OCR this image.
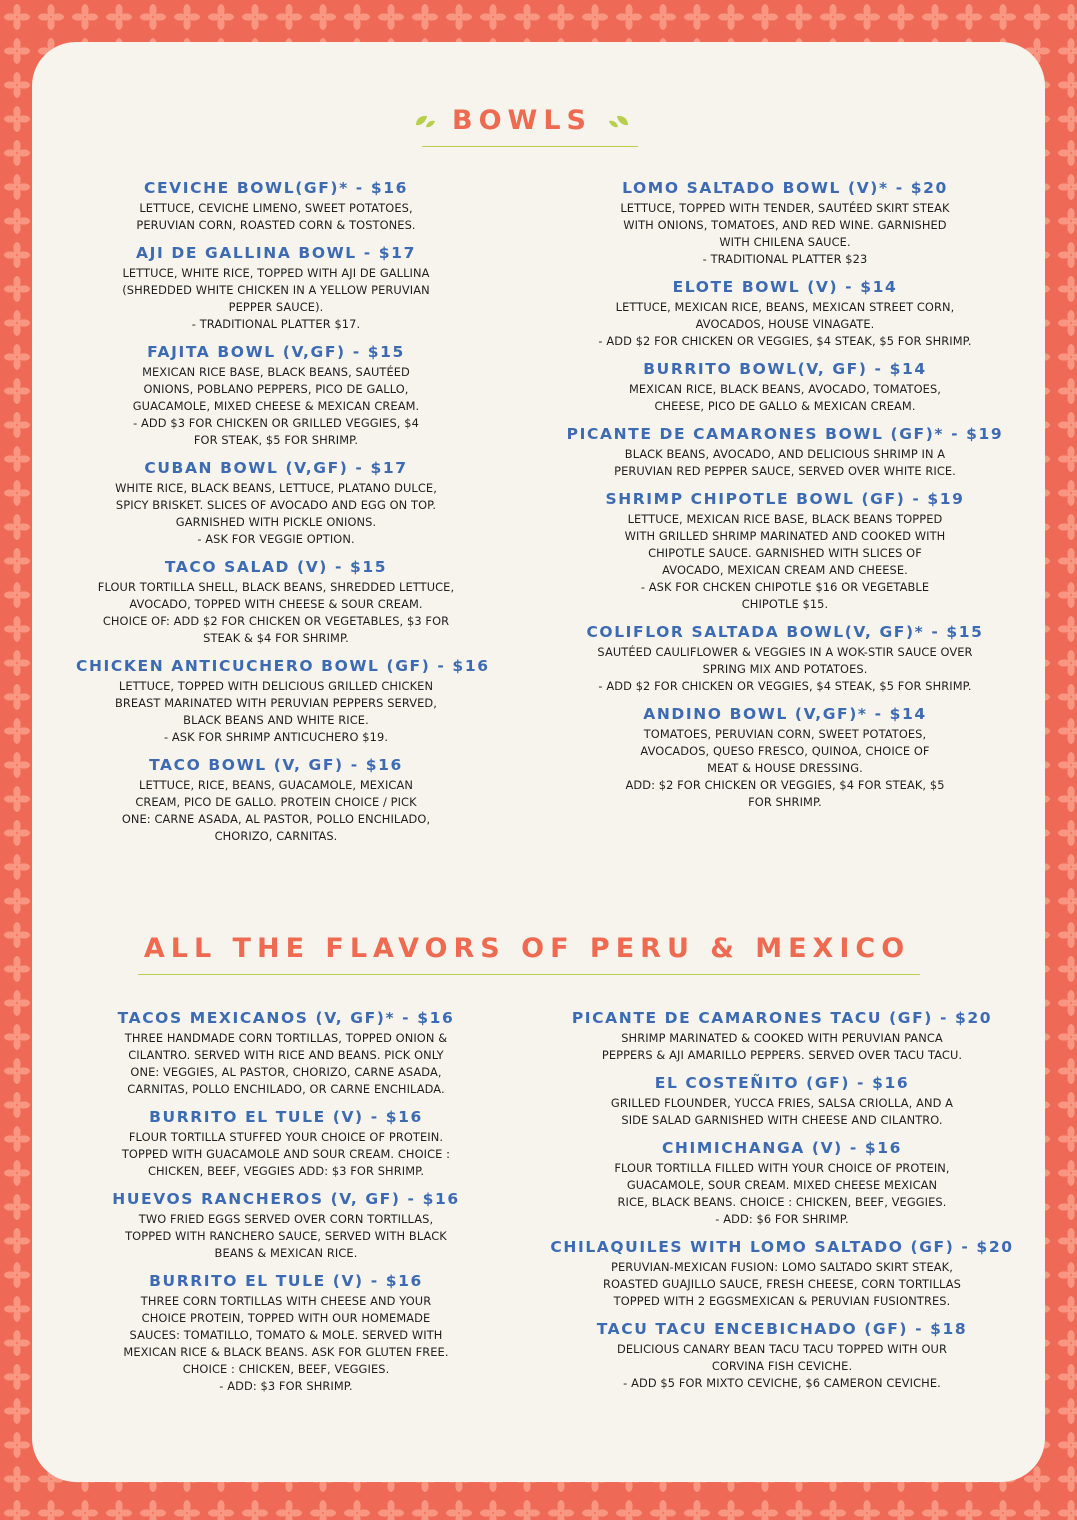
BOWLS
CEVICHE BOWL(GF)* - $16
LETTUCE, CEVICHE LIMENO, SWEET POTATOES,
PERUVIAN CORN, ROASTED CORN & TOSTONES.
AJI DE GALLINA BOWL - $17
LETTUCE, WHITE RICE, TOPPED WITH AJI DE GALLINA
(SHREDDED WHITE CHICKEN IN A YELLOW PERUVIAN
PEPPER SAUCE).
- TRADITIONAL PLATTER $17.
FAJITA BOWL (V,GF) - $15
MEXICAN RICE BASE, BLACK BEANS, SAUTÉED
ONIONS, POBLANO PEPPERS, PICO DE GALLO,
GUACAMOLE, MIXED CHEESE & MEXICAN CREAM.
- ADD $3 FOR CHICKEN OR GRILLED VEGGIES, $4
FOR STEAK, $5 FOR SHRIMP.
CUBAN BOWL (V,GF) - $17
WHITE RICE, BLACK BEANS, LETTUCE, PLATANO DULCE,
SPICY BRISKET. SLICES OF AVOCADO AND EGG ON TOP.
GARNISHED WITH PICKLE ONIONS.
- ASK FOR VEGGIE OPTION.
TACO SALAD (V) - $15
FLOUR TORTILLA SHELL, BLACK BEANS, SHREDDED LETTUCE,
AVOCADO, TOPPED WITH CHEESE & SOUR CREAM.
CHOICE OF: ADD $2 FOR CHICKEN OR VEGETABLES, $3 FOR
STEAK & $4 FOR SHRIMP.
CHICKEN ANTICUCHERO BOWL (GF) - $16
LETTUCE, TOPPED WITH DELICIOUS GRILLED CHICKEN
BREAST MARINATED WITH PERUVIAN PEPPERS SERVED,
BLACK BEANS AND WHITE RICE.
- ASK FOR SHRIMP ANTICUCHERO $19.
TACO BOWL (V, GF) - $16
LETTUCE, RICE, BEANS, GUACAMOLE, MEXICAN
CREAM, PICO DE GALLO. PROTEIN CHOICE / PICK
ONE: CARNE ASADA, AL PASTOR, POLLO ENCHILADO,
CHORIZO, CARNITAS.
LOMO SALTADO BOWL (V)* - $20
LETTUCE, TOPPED WITH TENDER, SAUTÉED SKIRT STEAK
WITH ONIONS, TOMATOES, AND RED WINE. GARNISHED
WITH CHILENA SAUCE.
- TRADITIONAL PLATTER $23
ELOTE BOWL (V) - $14
LETTUCE, MEXICAN RICE, BEANS, MEXICAN STREET CORN,
AVOCADOS, HOUSE VINAGATE.
- ADD $2 FOR CHICKEN OR VEGGIES, $4 STEAK, $5 FOR SHRIMP.
BURRITO BOWL(V, GF) - $14
MEXICAN RICE, BLACK BEANS, AVOCADO, TOMATOES,
CHEESE, PICO DE GALLO & MEXICAN CREAM.
PICANTE DE CAMARONES BOWL (GF)* - $19
BLACK BEANS, AVOCADO, AND DELICIOUS SHRIMP IN A
PERUVIAN RED PEPPER SAUCE, SERVED OVER WHITE RICE.
SHRIMP CHIPOTLE BOWL (GF) - $19
LETTUCE, MEXICAN RICE BASE, BLACK BEANS TOPPED
WITH GRILLED SHRIMP MARINATED AND COOKED WITH
CHIPOTLE SAUCE. GARNISHED WITH SLICES OF
AVOCADO, MEXICAN CREAM AND CHEESE.
- ASK FOR CHCKEN CHIPOTLE $16 OR VEGETABLE
CHIPOTLE $15.
COLIFLOR SALTADA BOWL(V, GF)* - $15
SAUTÉED CAULIFLOWER & VEGGIES IN A WOK-STIR SAUCE OVER
SPRING MIX AND POTATOES.
- ADD $2 FOR CHICKEN OR VEGGIES, $4 STEAK, $5 FOR SHRIMP.
ANDINO BOWL (V,GF)* - $14
TOMATOES, PERUVIAN CORN, SWEET POTATOES,
AVOCADOS, QUESO FRESCO, QUINOA, CHOICE OF
MEAT & HOUSE DRESSING.
ADD: $2 FOR CHICKEN OR VEGGIES, $4 FOR STEAK, $5
FOR SHRIMP.
ALL THE FLAVORS OF PERU & MEXICO
TACOS MEXICANOS (V, GF)* - $16
THREE HANDMADE CORN TORTILLAS, TOPPED ONION &
CILANTRO. SERVED WITH RICE AND BEANS. PICK ONLY
ONE: VEGGIES, AL PASTOR, CHORIZO, CARNE ASADA,
CARNITAS, POLLO ENCHILADO, OR CARNE ENCHILADA.
BURRITO EL TULE (V) - $16
FLOUR TORTILLA STUFFED YOUR CHOICE OF PROTEIN.
TOPPED WITH GUACAMOLE AND SOUR CREAM. CHOICE :
CHICKEN, BEEF, VEGGIES ADD: $3 FOR SHRIMP.
HUEVOS RANCHEROS (V, GF) - $16
TWO FRIED EGGS SERVED OVER CORN TORTILLAS,
TOPPED WITH RANCHERO SAUCE, SERVED WITH BLACK
BEANS & MEXICAN RICE.
BURRITO EL TULE (V) - $16
THREE CORN TORTILLAS WITH CHEESE AND YOUR
CHOICE PROTEIN, TOPPED WITH OUR HOMEMADE
SAUCES: TOMATILLO, TOMATO & MOLE. SERVED WITH
MEXICAN RICE & BLACK BEANS. ASK FOR GLUTEN FREE.
CHOICE : CHICKEN, BEEF, VEGGIES.
- ADD: $3 FOR SHRIMP.
PICANTE DE CAMARONES TACU (GF) - $20
SHRIMP MARINATED & COOKED WITH PERUVIAN PANCA
PEPPERS & AJI AMARILLO PEPPERS. SERVED OVER TACU TACU.
EL COSTEÑITO (GF) - $16
GRILLED FLOUNDER, YUCCA FRIES, SALSA CRIOLLA, AND A
SIDE SALAD GARNISHED WITH CHEESE AND CILANTRO.
CHIMICHANGA (V) - $16
FLOUR TORTILLA FILLED WITH YOUR CHOICE OF PROTEIN,
GUACAMOLE, SOUR CREAM. MIXED CHEESE MEXICAN
RICE, BLACK BEANS. CHOICE : CHICKEN, BEEF, VEGGIES.
- ADD: $6 FOR SHRIMP.
CHILAQUILES WITH LOMO SALTADO (GF) - $20
PERUVIAN-MEXICAN FUSION: LOMO SALTADO SKIRT STEAK,
ROASTED GUAJILLO SAUCE, FRESH CHEESE, CORN TORTILLAS
TOPPED WITH 2 EGGSMEXICAN & PERUVIAN FUSIONTRES.
TACU TACU ENCEBICHADO (GF) - $18
DELICIOUS CANARY BEAN TACU TACU TOPPED WITH OUR
CORVINA FISH CEVICHE.
- ADD $5 FOR MIXTO CEVICHE, $6 CAMERON CEVICHE.
